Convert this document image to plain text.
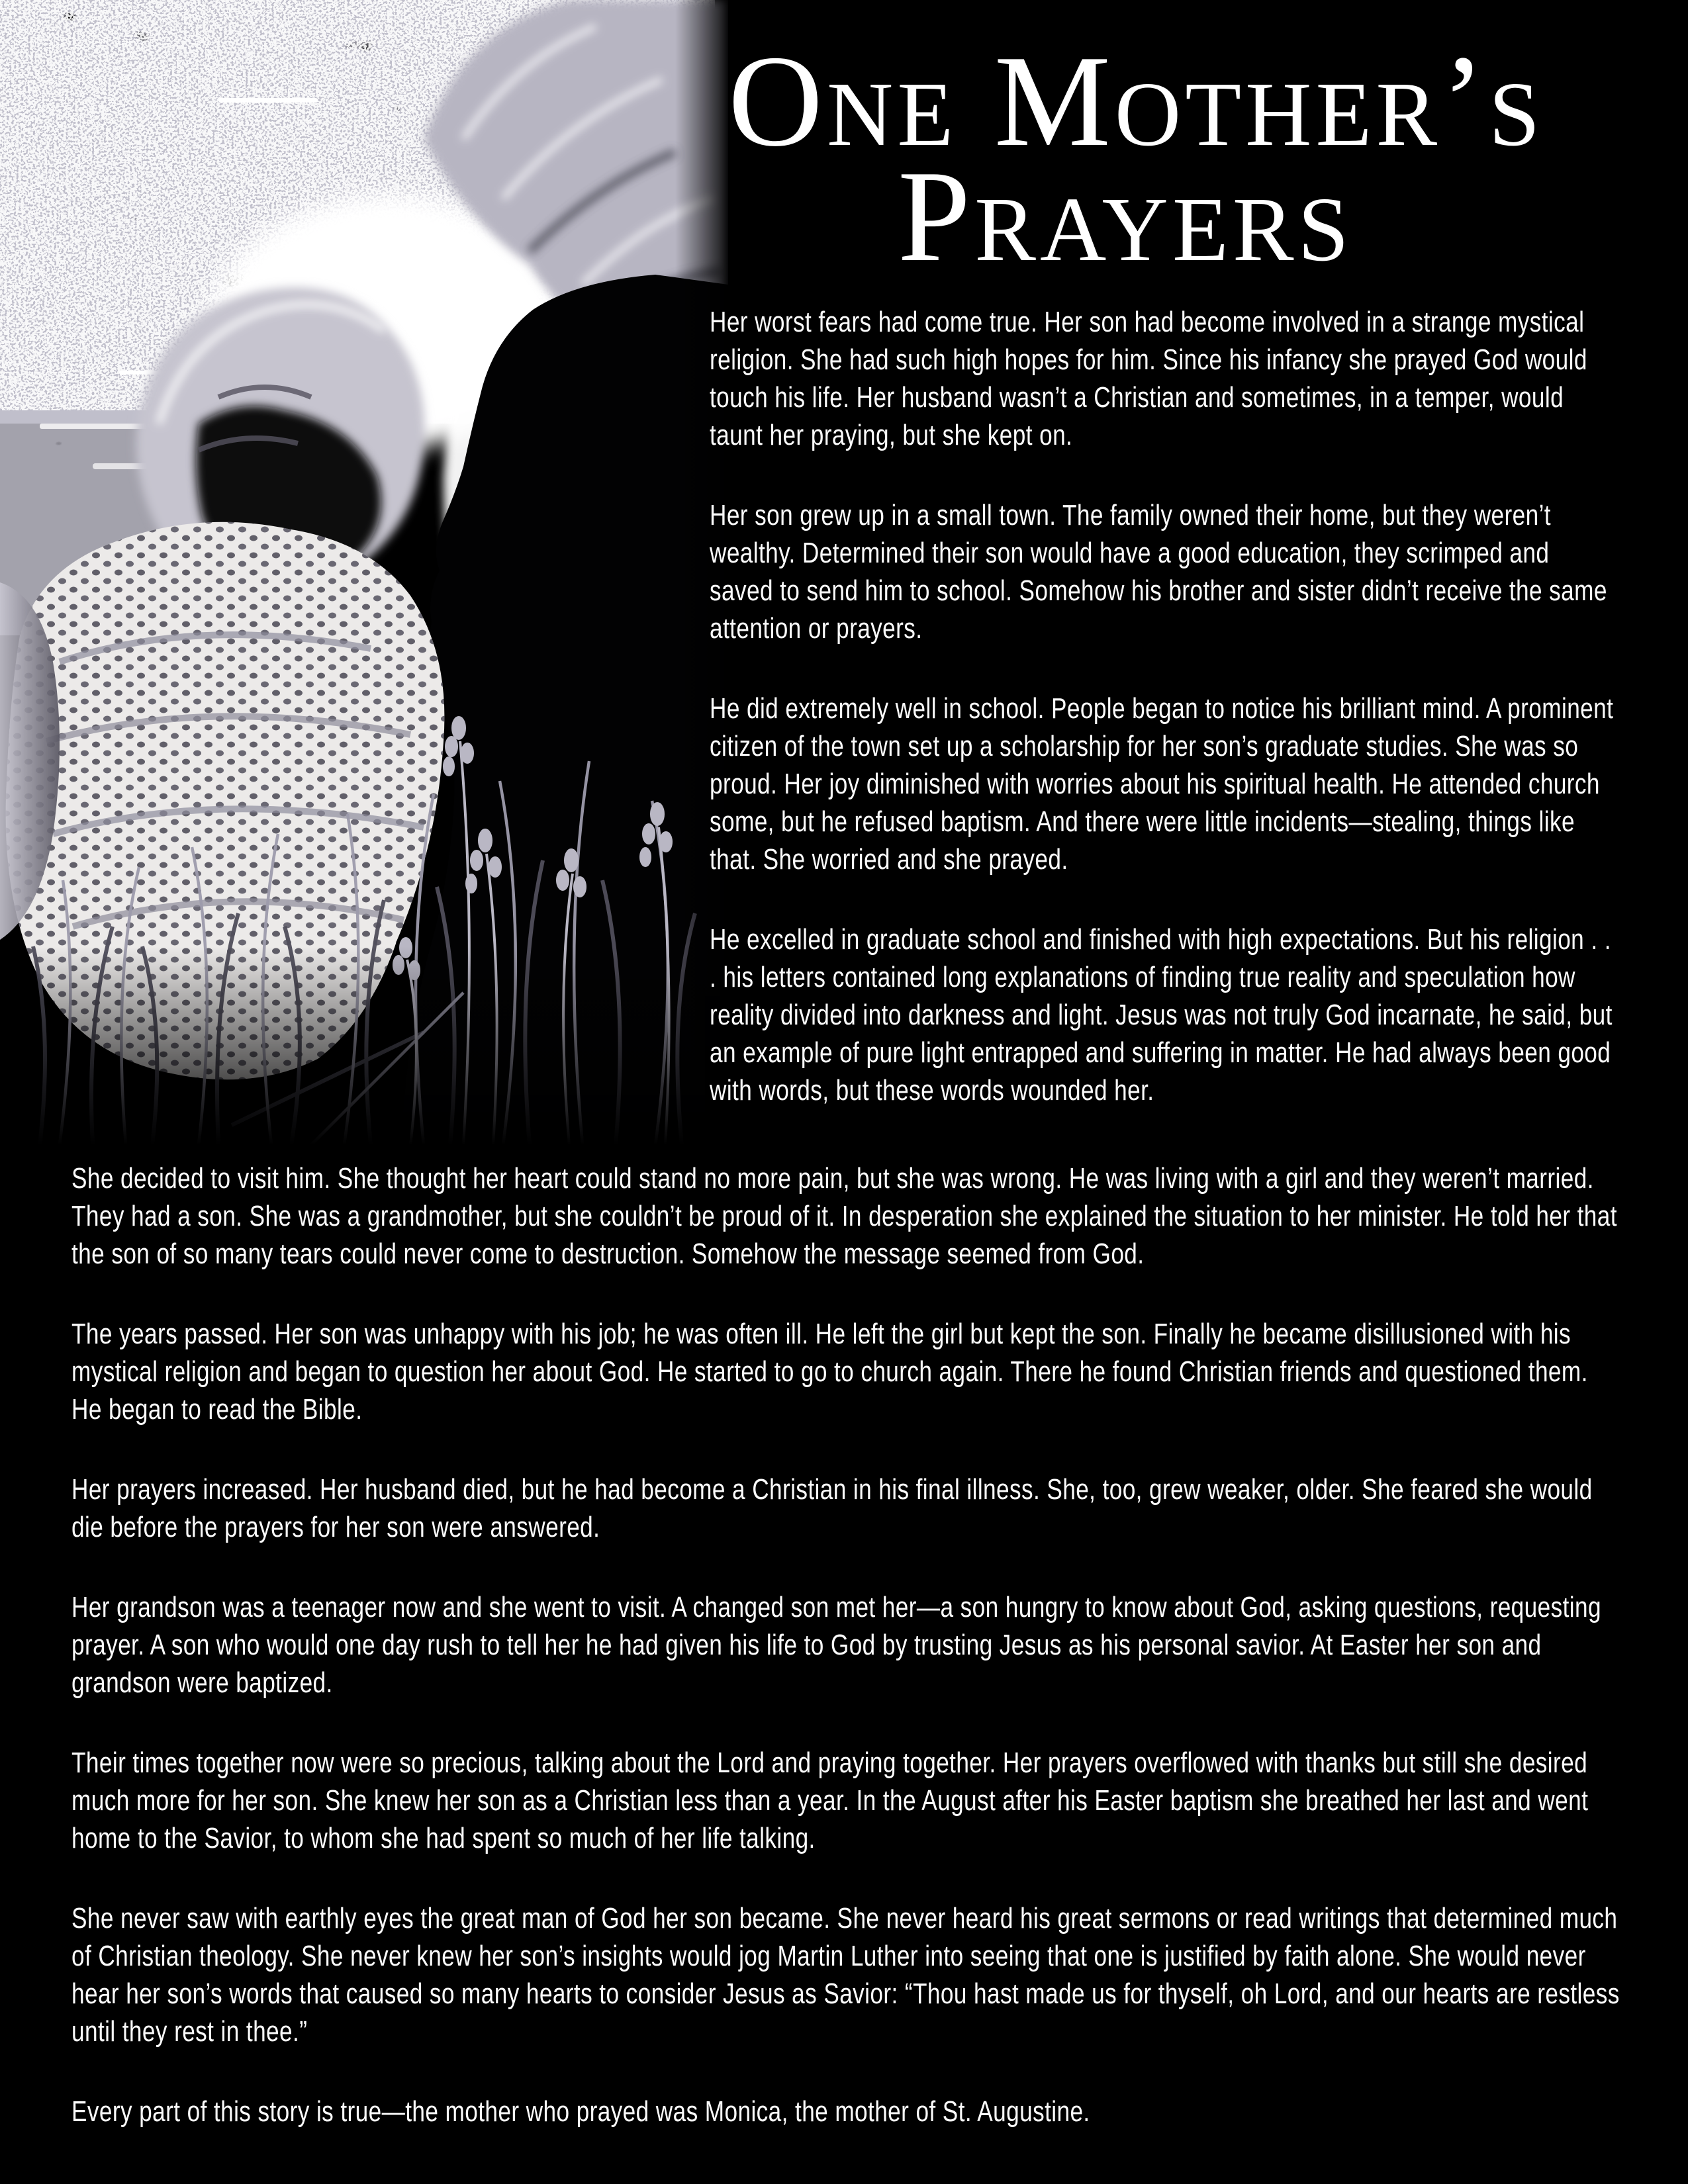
One Mother’s
Prayers

Her worst fears had come true. Her son had become involved in a strange mystical religion. She had such high hopes for him. Since his infancy she prayed God would touch his life. Her husband wasn’t a Christian and sometimes, in a temper, would taunt her praying, but she kept on.

Her son grew up in a small town. The family owned their home, but they weren’t wealthy. Determined their son would have a good education, they scrimped and saved to send him to school. Somehow his brother and sister didn’t receive the same attention or prayers.

He did extremely well in school. People began to notice his brilliant mind. A prominent citizen of the town set up a scholarship for her son’s graduate studies. She was so proud. Her joy diminished with worries about his spiritual health. He attended church some, but he refused baptism. And there were little incidents—stealing, things like that. She worried and she prayed.

He excelled in graduate school and finished with high expectations. But his religion . . . his letters contained long explanations of finding true reality and speculation how reality divided into darkness and light. Jesus was not truly God incarnate, he said, but an example of pure light entrapped and suffering in matter. He had always been good with words, but these words wounded her.

She decided to visit him. She thought her heart could stand no more pain, but she was wrong. He was living with a girl and they weren’t married. They had a son. She was a grandmother, but she couldn’t be proud of it. In desperation she explained the situation to her minister. He told her that the son of so many tears could never come to destruction. Somehow the message seemed from God.

The years passed. Her son was unhappy with his job; he was often ill. He left the girl but kept the son. Finally he became disillusioned with his mystical religion and began to question her about God. He started to go to church again. There he found Christian friends and questioned them. He began to read the Bible.

Her prayers increased. Her husband died, but he had become a Christian in his final illness. She, too, grew weaker, older. She feared she would die before the prayers for her son were answered.

Her grandson was a teenager now and she went to visit. A changed son met her—a son hungry to know about God, asking questions, requesting prayer. A son who would one day rush to tell her he had given his life to God by trusting Jesus as his personal savior. At Easter her son and grandson were baptized.

Their times together now were so precious, talking about the Lord and praying together. Her prayers overflowed with thanks but still she desired much more for her son. She knew her son as a Christian less than a year. In the August after his Easter baptism she breathed her last and went home to the Savior, to whom she had spent so much of her life talking.

She never saw with earthly eyes the great man of God her son became. She never heard his great sermons or read writings that determined much of Christian theology. She never knew her son’s insights would jog Martin Luther into seeing that one is justified by faith alone. She would never hear her son’s words that caused so many hearts to consider Jesus as Savior: “Thou hast made us for thyself, oh Lord, and our hearts are restless until they rest in thee.”

Every part of this story is true—the mother who prayed was Monica, the mother of St. Augustine.
